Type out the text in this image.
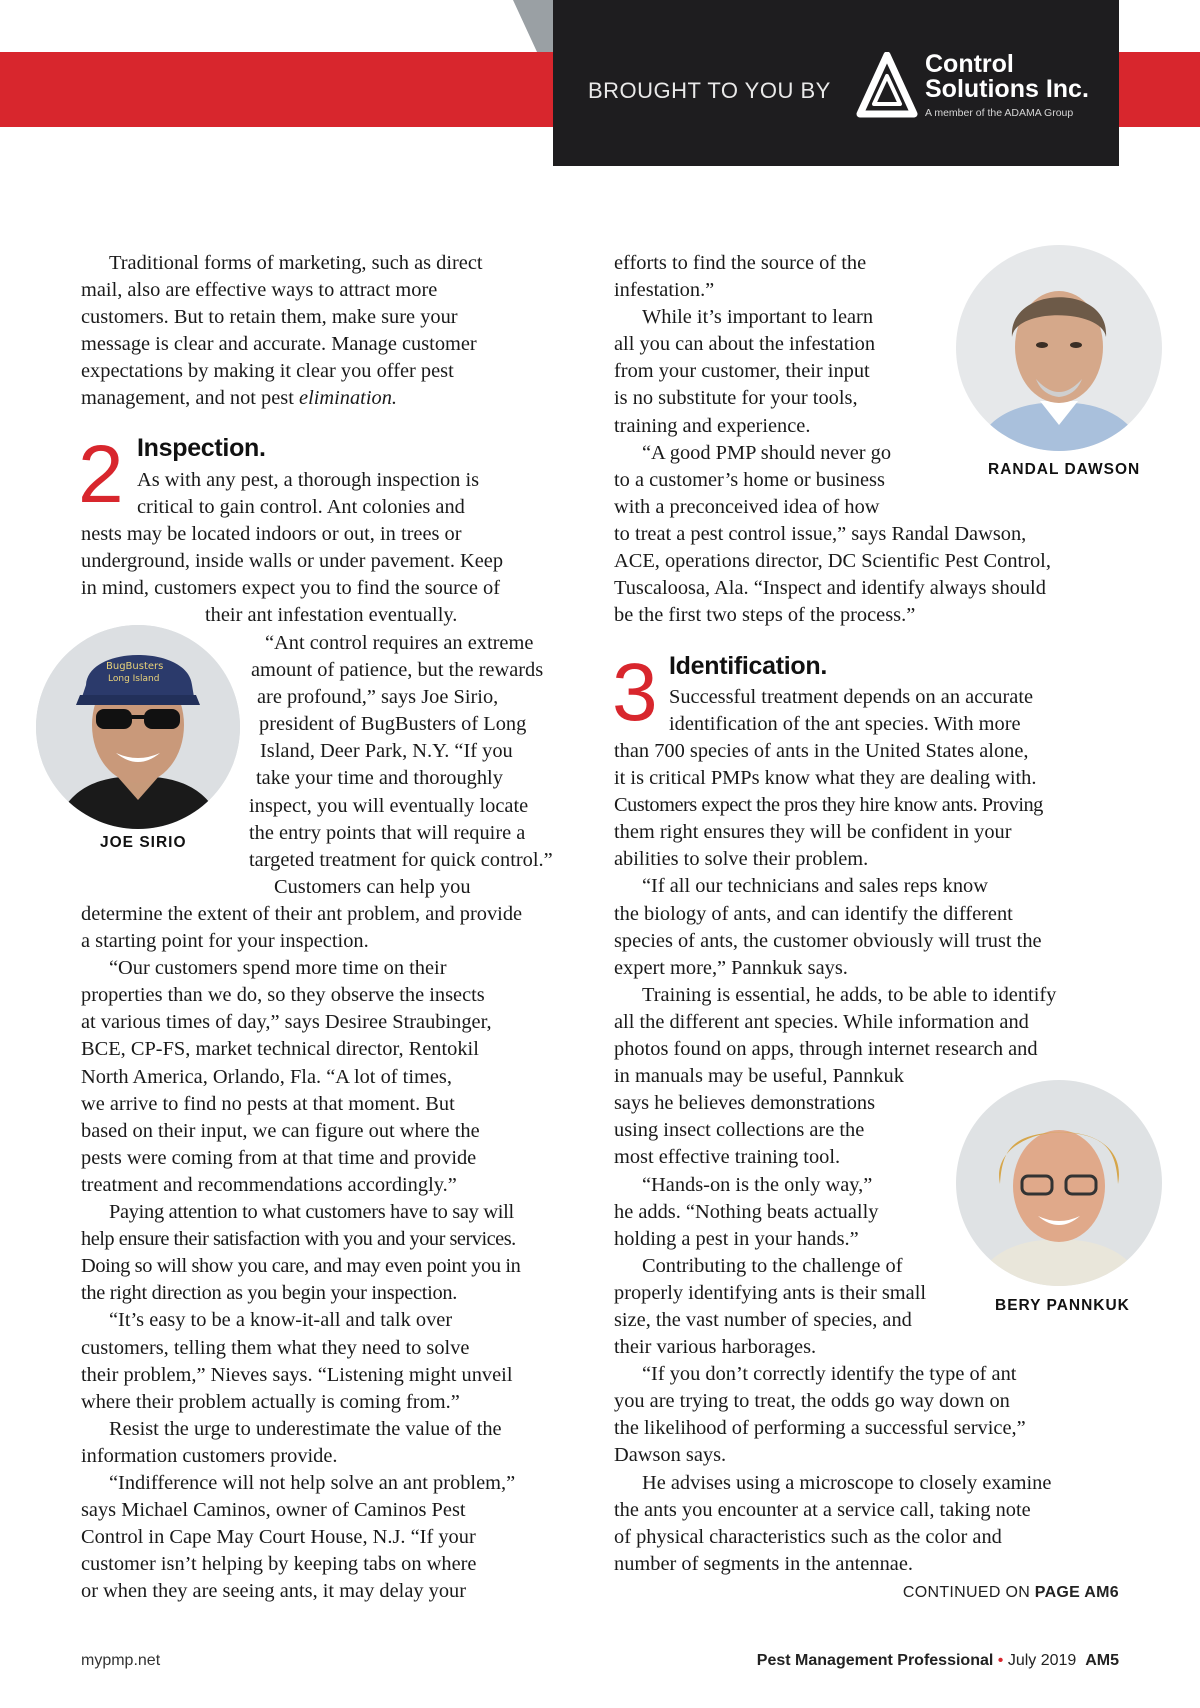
BROUGHT TO YOU BY
Control
Solutions Inc.
A member of the ADAMA Group
Traditional forms of marketing, such as direct
mail, also are effective ways to attract more
customers. But to retain them, make sure your
message is clear and accurate. Manage customer
expectations by making it clear you offer pest
management, and not pest elimination.
2 Inspection.
As with any pest, a thorough inspection is
critical to gain control. Ant colonies and
nests may be located indoors or out, in trees or
underground, inside walls or under pavement. Keep
in mind, customers expect you to find the source of
their ant infestation eventually.
BugBusters
Long Island
JOE SIRIO
“Ant control requires an extreme
amount of patience, but the rewards
are profound,” says Joe Sirio,
president of BugBusters of Long
Island, Deer Park, N.Y. “If you
take your time and thoroughly
inspect, you will eventually locate
the entry points that will require a
targeted treatment for quick control.”
Customers can help you
determine the extent of their ant problem, and provide
a starting point for your inspection.
“Our customers spend more time on their
properties than we do, so they observe the insects
at various times of day,” says Desiree Straubinger,
BCE, CP-FS, market technical director, Rentokil
North America, Orlando, Fla. “A lot of times,
we arrive to find no pests at that moment. But
based on their input, we can figure out where the
pests were coming from at that time and provide
treatment and recommendations accordingly.”
Paying attention to what customers have to say will
help ensure their satisfaction with you and your services.
Doing so will show you care, and may even point you in
the right direction as you begin your inspection.
“It’s easy to be a know-it-all and talk over
customers, telling them what they need to solve
their problem,” Nieves says. “Listening might unveil
where their problem actually is coming from.”
Resist the urge to underestimate the value of the
information customers provide.
“Indifference will not help solve an ant problem,”
says Michael Caminos, owner of Caminos Pest
Control in Cape May Court House, N.J. “If your
customer isn’t helping by keeping tabs on where
or when they are seeing ants, it may delay your
efforts to find the source of the
infestation.”
While it’s important to learn
all you can about the infestation
from your customer, their input
is no substitute for your tools,
training and experience.
“A good PMP should never go
to a customer’s home or business
with a preconceived idea of how
to treat a pest control issue,” says Randal Dawson,
ACE, operations director, DC Scientific Pest Control,
Tuscaloosa, Ala. “Inspect and identify always should
be the first two steps of the process.”
RANDAL DAWSON
3 Identification.
Successful treatment depends on an accurate
identification of the ant species. With more
than 700 species of ants in the United States alone,
it is critical PMPs know what they are dealing with.
Customers expect the pros they hire know ants. Proving
them right ensures they will be confident in your
abilities to solve their problem.
“If all our technicians and sales reps know
the biology of ants, and can identify the different
species of ants, the customer obviously will trust the
expert more,” Pannkuk says.
Training is essential, he adds, to be able to identify
all the different ant species. While information and
photos found on apps, through internet research and
in manuals may be useful, Pannkuk
says he believes demonstrations
using insect collections are the
most effective training tool.
“Hands-on is the only way,”
he adds. “Nothing beats actually
holding a pest in your hands.”
Contributing to the challenge of
properly identifying ants is their small
size, the vast number of species, and
their various harborages.
“If you don’t correctly identify the type of ant
you are trying to treat, the odds go way down on
the likelihood of performing a successful service,”
Dawson says.
He advises using a microscope to closely examine
the ants you encounter at a service call, taking note
of physical characteristics such as the color and
number of segments in the antennae.
BERY PANNKUK
CONTINUED ON PAGE AM6
mypmp.net	Pest Management Professional • July 2019 AM5
